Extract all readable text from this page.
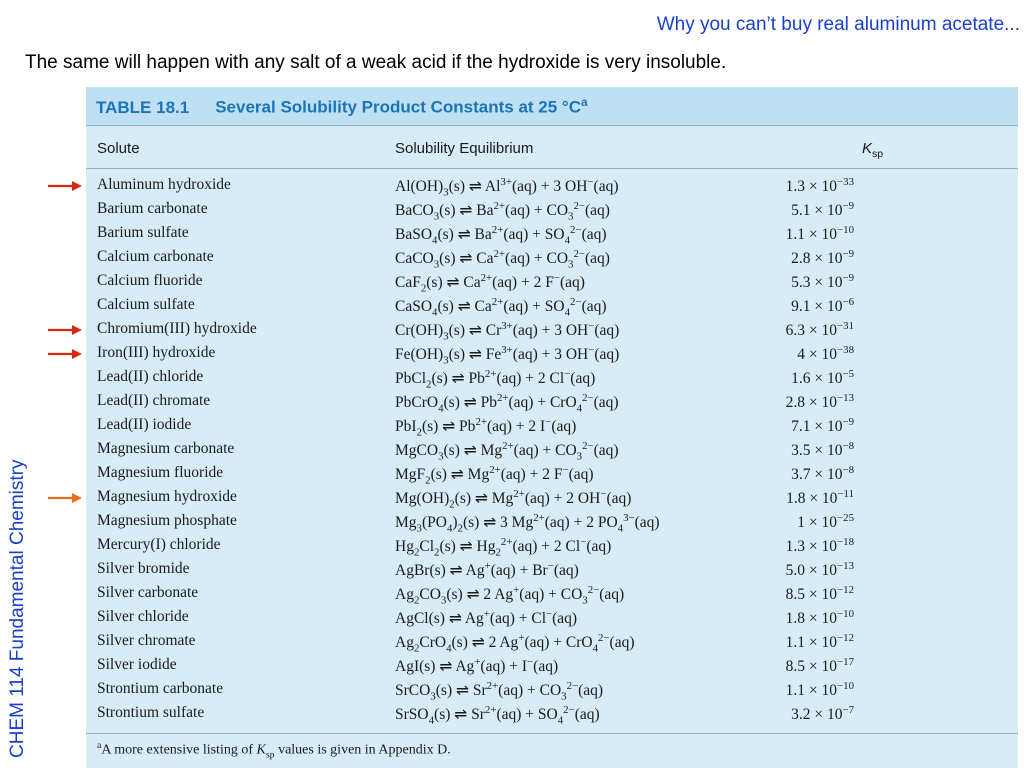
Why you can’t buy real aluminum acetate...
The same will happen with any salt of a weak acid if the hydroxide is very insoluble.
CHEM 114 Fundamental Chemistry
TABLE 18.1 Several Solubility Product Constants at 25 $^\circ C^a$
Solute	Solubility Equilibrium	$K_{sp}$
Aluminum hydroxide	$Al(OH)_3(s)$ ⇌ $Al^{3+}(aq) + 3$ OH−(aq)	$1.3 \times 10^{-33}$
Barium carbonate	BaCO$_3$(s) ⇌ $Ba^{2+}(aq) + CO_3^{2-}(aq)$	$5.1 \times 10^{-9}$
Barium sulfate	BaSO$_4$(s) ⇌ $Ba^{2+}(aq) + SO_4^{2-}(aq)$	$1.1 \times 10^{-10}$
Calcium carbonate	CaCO$_3$(s) ⇌ $Ca^{2+}(aq) + CO_3^{2-}(aq)$	$2.8 \times 10^{-9}$
Calcium fluoride	CaF$_2$(s) ⇌ $Ca^{2+}(aq) + 2$ F−(aq)	$5.3 \times 10^{-9}$
Calcium sulfate	CaSO$_4$(s) ⇌ $Ca^{2+}(aq) + SO_4^{2-}(aq)$	$9.1 \times 10^{-6}$
Chromium(III) hydroxide	$Cr(OH)_3(s)$ ⇌ $Cr^{3+}(aq) + 3$ OH−(aq)	$6.3 \times 10^{-31}$
Iron(III) hydroxide	$Fe(OH)_3(s)$ ⇌ $Fe^{3+}(aq) + 3$ OH−(aq)	$4 \times 10^{-38}$
Lead(II) chloride	PbCl$_2$(s) ⇌ $Pb^{2+}(aq) + 2$ Cl−(aq)	$1.6 \times 10^{-5}$
Lead(II) chromate	PbCrO$_4$(s) ⇌ $Pb^{2+}(aq) + CrO_4^{2-}(aq)$	$2.8 \times 10^{-13}$
Lead(II) iodide	PbI$_2$(s) ⇌ $Pb^{2+}(aq) + 2$ I−(aq)	$7.1 \times 10^{-9}$
Magnesium carbonate	MgCO$_3$(s) ⇌ $Mg^{2+}(aq) + CO_3^{2-}(aq)$	$3.5 \times 10^{-8}$
Magnesium fluoride	MgF$_2$(s) ⇌ $Mg^{2+}(aq) + 2$ F−(aq)	$3.7 \times 10^{-8}$
Magnesium hydroxide	$Mg(OH)_2(s)$ ⇌ $Mg^{2+}(aq) + 2$ OH−(aq)	$1.8 \times 10^{-11}$
Magnesium phosphate	$Mg_3(PO_4)_2(s)$ ⇌ 3 $Mg^{2+}(aq) + 2$ $PO_4^{3-}(aq)$	$1 \times 10^{-25}$
Mercury(I) chloride	$Hg_2Cl_2(s)$ ⇌ $Hg_2^{2+}(aq) + 2$ Cl−(aq)	$1.3 \times 10^{-18}$
Silver bromide	AgBr(s) ⇌ Ag+(aq) + Br−(aq)	$5.0 \times 10^{-13}$
Silver carbonate	$Ag_2CO_3(s)$ ⇌ 2 $Ag^+(aq) + CO_3^{2-}(aq)$	$8.5 \times 10^{-12}$
Silver chloride	AgCl(s) ⇌ Ag+(aq) + Cl−(aq)	$1.8 \times 10^{-10}$
Silver chromate	$Ag_2CrO_4(s)$ ⇌ 2 Ag+(aq) + CrO$_4^{2-}$(aq)	$1.1 \times 10^{-12}$
Silver iodide	AgI(s) ⇌ Ag+(aq) + I−(aq)	$8.5 \times 10^{-17}$
Strontium carbonate	SrCO$_3$(s) ⇌ $Sr^{2+}(aq) + CO_3^{2-}(aq)$	$1.1 \times 10^{-10}$
Strontium sulfate	SrSO$_4$(s) ⇌ $Sr^{2+}(aq) + SO_4^{2-}(aq)$	$3.2 \times 10^{-7}$
$^a$A more extensive listing of $K_{sp}$ values is given in Appendix D.
